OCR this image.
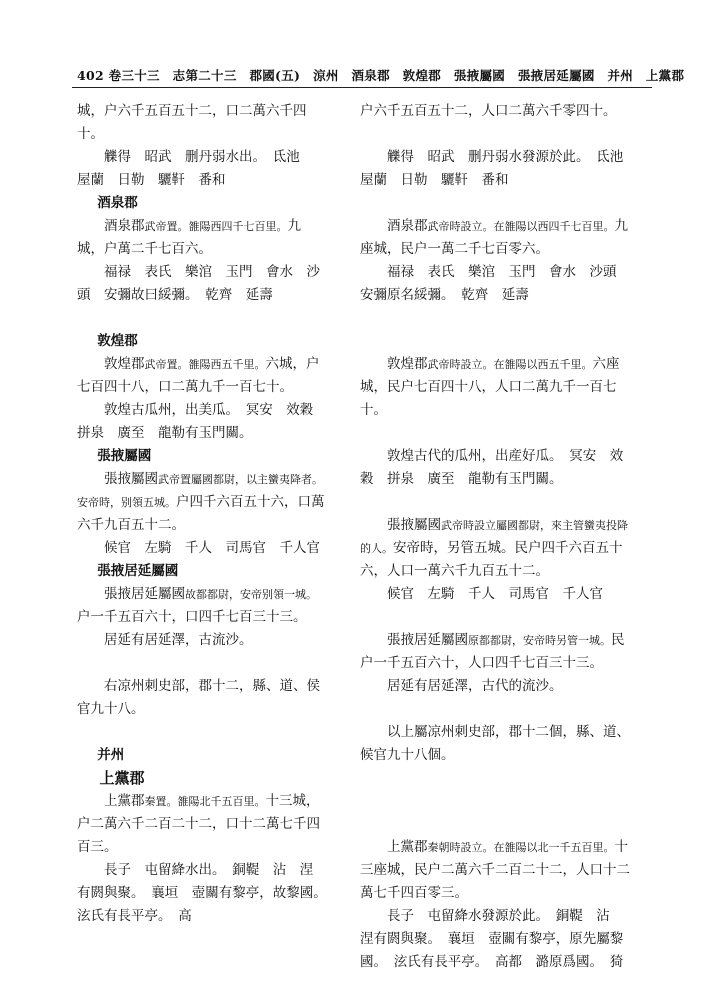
402 卷三十三　志第二十三　郡國(五)　涼州　酒泉郡　敦煌郡　張掖屬國　張掖居延屬國　并州　上黨郡

城，户六千五百五十二，口二萬六千四十。

觻得　昭武　删丹弱水出。　氐池　屋蘭　日勒　驪靬　番和

酒泉郡

酒泉郡武帝置。雒陽西四千七百里。九城，户萬二千七百六。

福禄　表氏　樂涫　玉門　會水　沙頭　安彌故曰綏彌。　乾齊　延壽

敦煌郡

敦煌郡武帝置。雒陽西五千里。六城，户七百四十八，口二萬九千一百七十。

敦煌古瓜州，出美瓜。　冥安　效穀　拼泉　廣至　龍勒有玉門關。

張掖屬國

張掖屬國武帝置屬國都尉，以主蠻夷降者。安帝時，别領五城。户四千六百五十六，口萬六千九百五十二。

候官　左騎　千人　司馬官　千人官

張掖居延屬國

張掖居延屬國故都都尉，安帝别領一城。户一千五百六十，口四千七百三十三。

居延有居延澤，古流沙。

右凉州刺史部，郡十二，縣、道、侯官九十八。

并州
上黨郡

上黨郡秦置。雒陽北千五百里。十三城，户二萬六千二百二十二，口十二萬七千四百三。

長子　屯留絳水出。　銅鞮　沾　涅有閼與聚。　襄垣　壺關有黎亭，故黎國。　泫氏有長平亭。　高

户六千五百五十二，人口二萬六千零四十。

觻得　昭武　删丹弱水發源於此。　氐池　屋蘭　日勒　驪靬　番和

酒泉郡武帝時設立。在雒陽以西四千七百里。九座城，民户一萬二千七百零六。

福禄　表氏　樂涫　玉門　會水　沙頭　安彌原名綏彌。　乾齊　延壽

敦煌郡武帝時設立。在雒陽以西五千里。六座城，民户七百四十八，人口二萬九千一百七十。

敦煌古代的瓜州，出産好瓜。　冥安　效穀　拼泉　廣至　龍勒有玉門關。

張掖屬國武帝時設立屬國都尉，來主管蠻夷投降的人。安帝時，另管五城。民户四千六百五十六，人口一萬六千九百五十二。

候官　左騎　千人　司馬官　千人官

張掖居延屬國原都都尉，安帝時另管一城。民户一千五百六十，人口四千七百三十三。

居延有居延澤，古代的流沙。

以上屬凉州刺史部，郡十二個，縣、道、候官九十八個。

上黨郡秦朝時設立。在雒陽以北一千五百里。十三座城，民户二萬六千二百二十二，人口十二萬七千四百零三。

長子　屯留絳水發源於此。　銅鞮　沾　涅有閼與聚。　襄垣　壺關有黎亭，原先屬黎國。　泫氏有長平亭。　高都　潞原爲國。　猗
